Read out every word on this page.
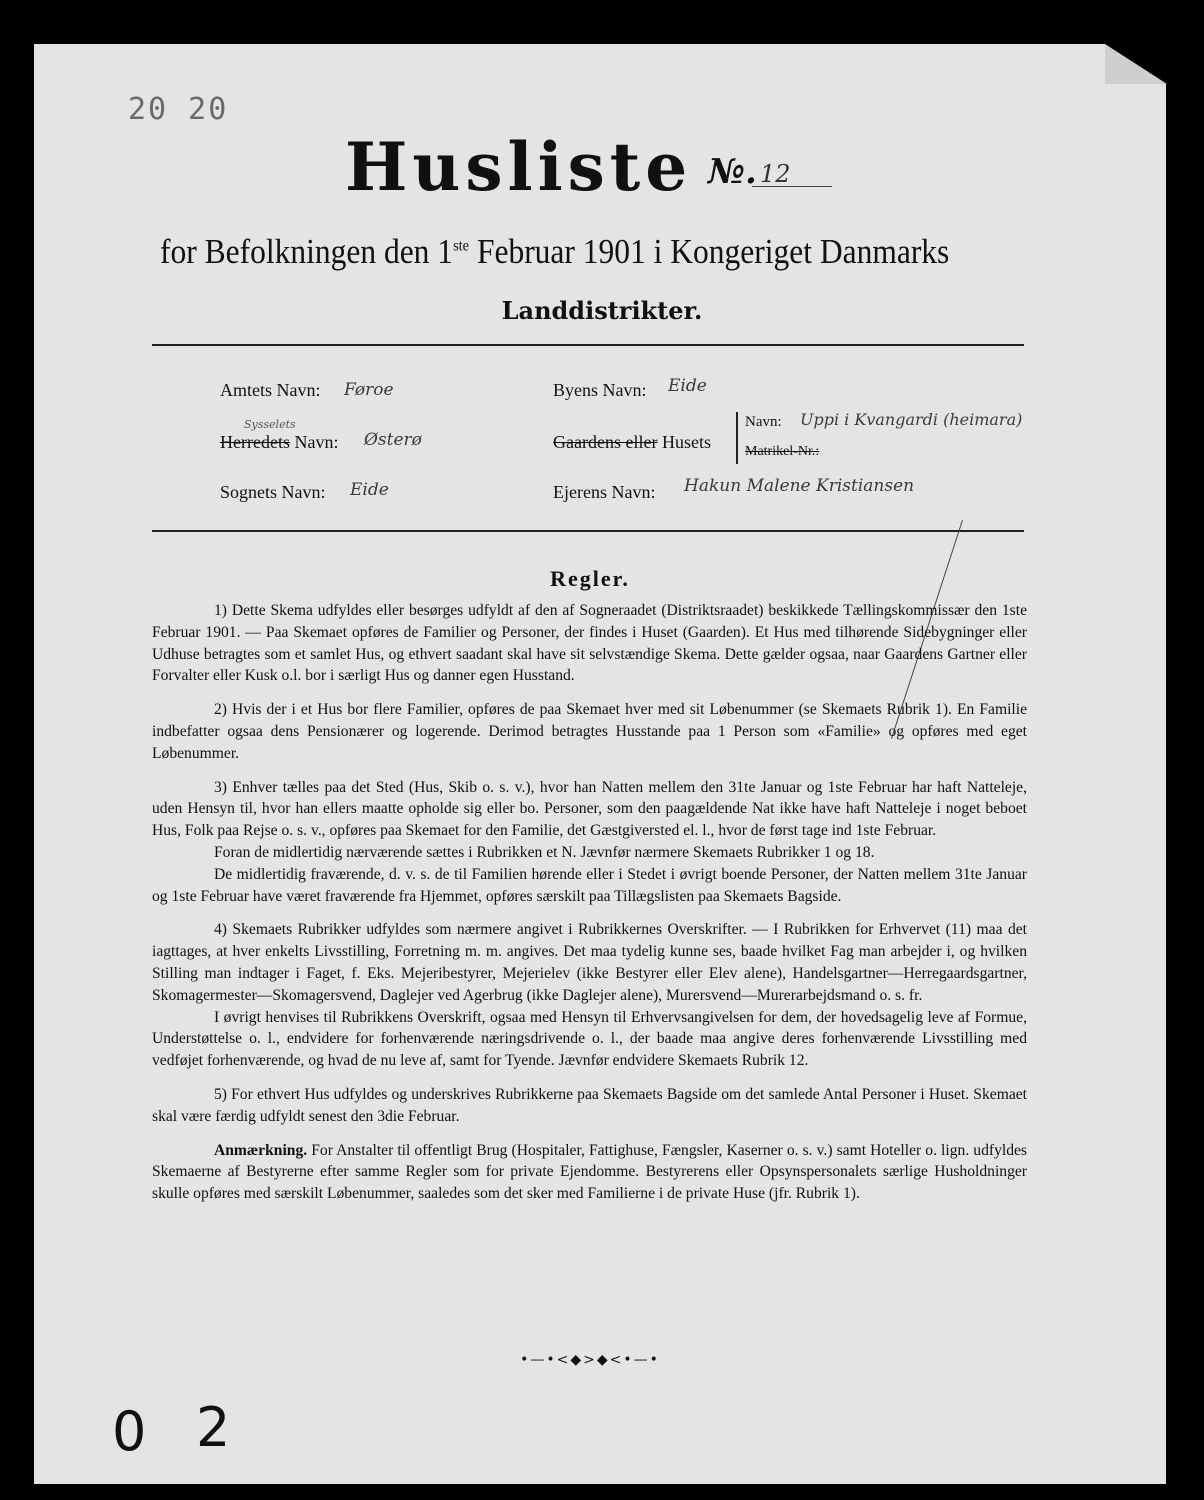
20 20
Husliste №. 12
for Befolkningen den 1ste Februar 1901 i Kongeriget Danmarks
Landdistrikter.
Amtets Navn: Føroe
Sysselets
Herredets Navn: Østerø
Sognets Navn: Eide
Byens Navn: Eide
Gaardens eller Husets
Navn: Uppi i Kvangardi (heimara)
Matrikel-Nr.:
Ejerens Navn: Hakun Malene Kristiansen
Regler.

1) Dette Skema udfyldes eller besørges udfyldt af den af Sogneraadet (Distriktsraadet) beskikkede Tællingskommissær den 1ste Februar 1901. — Paa Skemaet opføres de Familier og Personer, der findes i Huset (Gaarden). Et Hus med tilhørende Sidebygninger eller Udhuse betragtes som et samlet Hus, og ethvert saadant skal have sit selvstændige Skema. Dette gælder ogsaa, naar Gaardens Gartner eller Forvalter eller Kusk o.l. bor i særligt Hus og danner egen Husstand.

2) Hvis der i et Hus bor flere Familier, opføres de paa Skemaet hver med sit Løbenummer (se Skemaets Rubrik 1). En Familie indbefatter ogsaa dens Pensionærer og logerende. Derimod betragtes Husstande paa 1 Person som «Familie» og opføres med eget Løbenummer.

3) Enhver tælles paa det Sted (Hus, Skib o. s. v.), hvor han Natten mellem den 31te Januar og 1ste Februar har haft Natteleje, uden Hensyn til, hvor han ellers maatte opholde sig eller bo. Personer, som den paagældende Nat ikke have haft Natteleje i noget beboet Hus, Folk paa Rejse o. s. v., opføres paa Skemaet for den Familie, det Gæstgiversted el. l., hvor de først tage ind 1ste Februar.

Foran de midlertidig nærværende sættes i Rubrikken et N. Jævnfør nærmere Skemaets Rubrikker 1 og 18.

De midlertidig fraværende, d. v. s. de til Familien hørende eller i Stedet i øvrigt boende Personer, der Natten mellem 31te Januar og 1ste Februar have været fraværende fra Hjemmet, opføres særskilt paa Tillægslisten paa Skemaets Bagside.

4) Skemaets Rubrikker udfyldes som nærmere angivet i Rubrikkernes Overskrifter. — I Rubrikken for Erhvervet (11) maa det iagttages, at hver enkelts Livsstilling, Forretning m. m. angives. Det maa tydelig kunne ses, baade hvilket Fag man arbejder i, og hvilken Stilling man indtager i Faget, f. Eks. Mejeribestyrer, Mejerielev (ikke Bestyrer eller Elev alene), Handelsgartner—Herregaardsgartner, Skomagermester—Skomagersvend, Daglejer ved Agerbrug (ikke Daglejer alene), Murersvend—Murerarbejdsmand o. s. fr.

I øvrigt henvises til Rubrikkens Overskrift, ogsaa med Hensyn til Erhvervsangivelsen for dem, der hovedsagelig leve af Formue, Understøttelse o. l., endvidere for forhenværende næringsdrivende o. l., der baade maa angive deres forhenværende Livsstilling med vedføjet forhenværende, og hvad de nu leve af, samt for Tyende. Jævnfør endvidere Skemaets Rubrik 12.

5) For ethvert Hus udfyldes og underskrives Rubrikkerne paa Skemaets Bagside om det samlede Antal Personer i Huset. Skemaet skal være færdig udfyldt senest den 3die Februar.

Anmærkning. For Anstalter til offentligt Brug (Hospitaler, Fattighuse, Fængsler, Kaserner o. s. v.) samt Hoteller o. lign. udfyldes Skemaerne af Bestyrerne efter samme Regler som for private Ejendomme. Bestyrerens eller Opsynspersonalets særlige Husholdninger skulle opføres med særskilt Løbenummer, saaledes som det sker med Familierne i de private Huse (jfr. Rubrik 1).

•—•<◆>◆<•—•
0 2
